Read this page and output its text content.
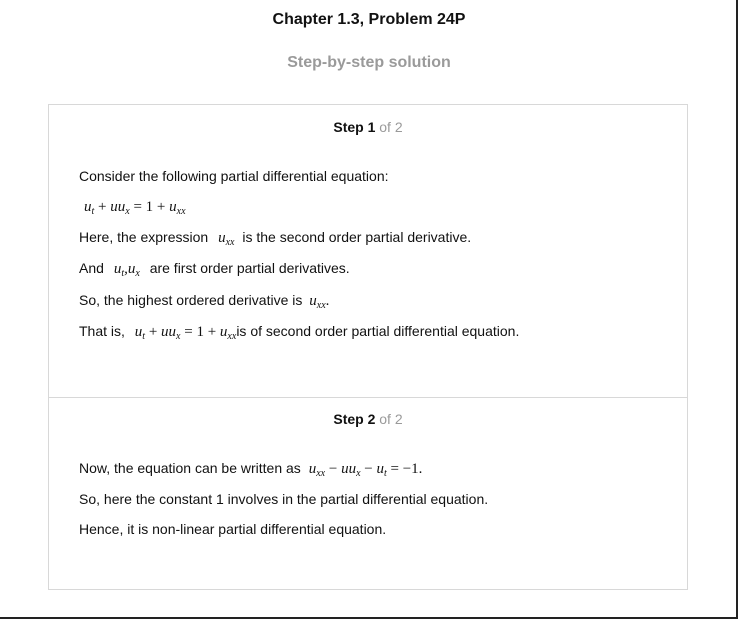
Chapter 1.3, Problem 24P
Step-by-step solution
Step 1 of 2
Consider the following partial differential equation:
$u_t + uu_x = 1 + u_{xx}$
Here, the expression $u_{xx}$ is the second order partial derivative.
And $u_t,u_x$ are first order partial derivatives.
So, the highest ordered derivative is $u_{xx}$.
That is, $u_t + uu_x = 1 + u_{xx}is$ of second order partial differential equation.
Step 2 of 2
Now, the equation can be written as $u_{xx} - uu_x - u_t = -1$.
So, here the constant 1 involves in the partial differential equation.
Hence, it is non-linear partial differential equation.
